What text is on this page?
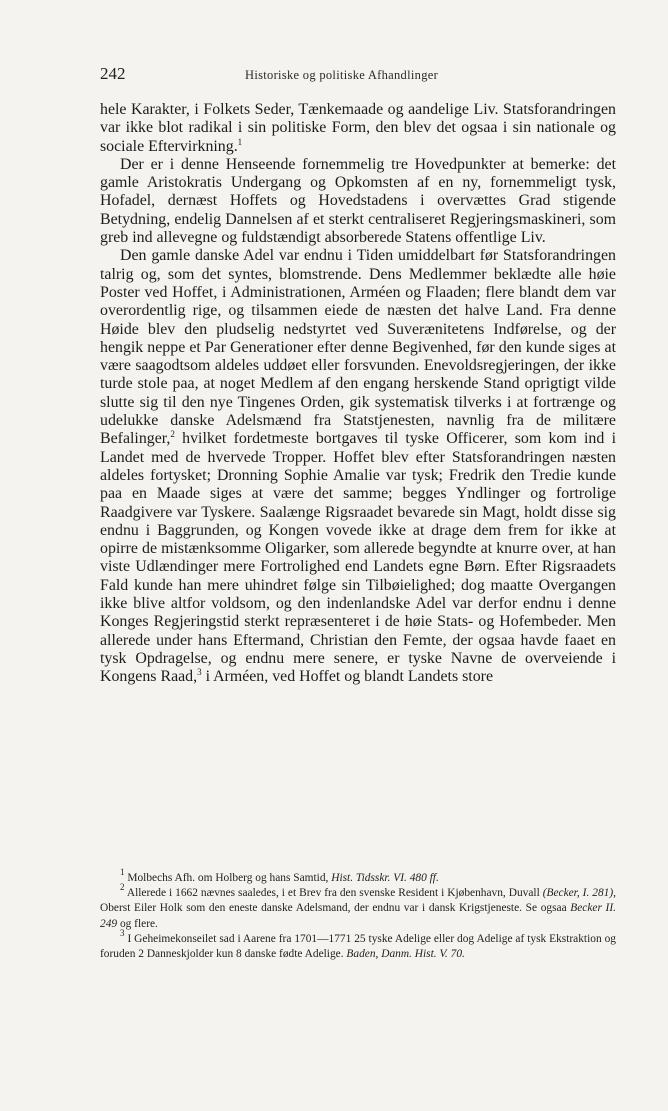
242	Historiske og politiske Afhandlinger

hele Karakter, i Folkets Seder, Tænkemaade og aandelige Liv. Statsforandringen var ikke blot radikal i sin politiske Form, den blev det ogsaa i sin nationale og sociale Eftervirkning.$^1$

Der er i denne Henseende fornemmelig tre Hovedpunkter at bemerke: det gamle Aristokratis Undergang og Opkomsten af en ny, fornemmeligt tysk, Hofadel, dernæst Hoffets og Hovedstadens i overvættes Grad stigende Betydning, endelig Dannelsen af et sterkt centraliseret Regjeringsmaskineri, som greb ind allevegne og fuldstændigt absorberede Statens offentlige Liv.

Den gamle danske Adel var endnu i Tiden umiddelbart før Statsforandringen talrig og, som det syntes, blomstrende. Dens Medlemmer beklædte alle høie Poster ved Hoffet, i Administrationen, Arméen og Flaaden; flere blandt dem var overordentlig rige, og tilsammen eiede de næsten det halve Land. Fra denne Høide blev den pludselig nedstyrtet ved Suverænitetens Indførelse, og der hengik neppe et Par Generationer efter denne Begivenhed, før den kunde siges at være saagodtsom aldeles uddøet eller forsvunden. Enevoldsregjeringen, der ikke turde stole paa, at noget Medlem af den engang herskende Stand oprigtigt vilde slutte sig til den nye Tingenes Orden, gik systematisk tilverks i at fortrænge og udelukke danske Adelsmænd fra Statstjenesten, navnlig fra de militære Befalinger,$^2$ hvilket fordetmeste bortgaves til tyske Officerer, som kom ind i Landet med de hvervede Tropper. Hoffet blev efter Statsforandringen næsten aldeles fortysket; Dronning Sophie Amalie var tysk; Fredrik den Tredie kunde paa en Maade siges at være det samme; begges Yndlinger og fortrolige Raadgivere var Tyskere. Saalænge Rigsraadet bevarede sin Magt, holdt disse sig endnu i Baggrunden, og Kongen vovede ikke at drage dem frem for ikke at opirre de mistænksomme Oligarker, som allerede begyndte at knurre over, at han viste Udlændinger mere Fortrolighed end Landets egne Børn. Efter Rigsraadets Fald kunde han mere uhindret følge sin Tilbøielighed; dog maatte Overgangen ikke blive altfor voldsom, og den indenlandske Adel var derfor endnu i denne Konges Regjeringstid sterkt repræsenteret i de høie Stats- og Hofembeder. Men allerede under hans Eftermand, Christian den Femte, der ogsaa havde faaet en tysk Opdragelse, og endnu mere senere, er tyske Navne de overveiende i Kongens Raad,$^3$ i Arméen, ved Hoffet og blandt Landets store

$^1$ Molbechs Afh. om Holberg og hans Samtid, Hist. Tidsskr. VI. 480 ff.

$^2$ Allerede i 1662 nævnes saaledes, i et Brev fra den svenske Resident i Kjøbenhavn, Duvall (Becker, I. 281), Oberst Eiler Holk som den eneste danske Adelsmand, der endnu var i dansk Krigstjeneste. Se ogsaa Becker II. 249 og flere.

$^3$ I Geheimekonseilet sad i Aarene fra 1701—1771 25 tyske Adelige eller dog Adelige af tysk Ekstraktion og foruden 2 Danneskjolder kun 8 danske fødte Adelige. Baden, Danm. Hist. V. 70.
